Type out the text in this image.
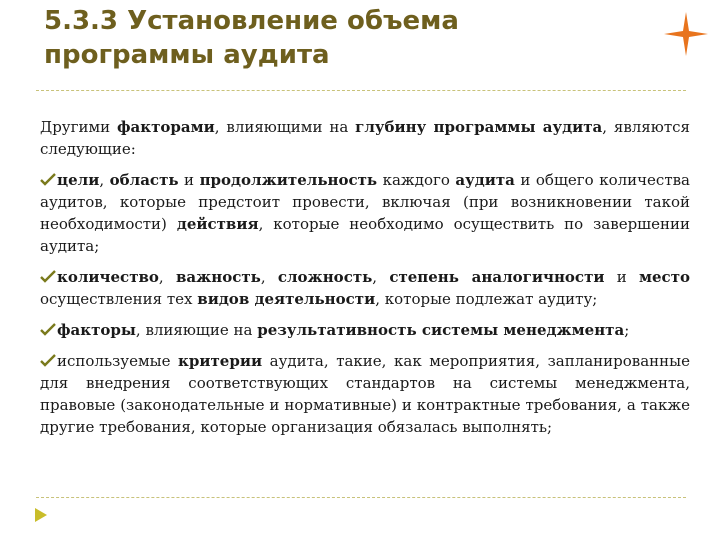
5.3.3 Установление объема
программы аудита

Другими факторами, влияющими на глубину программы аудита, являются следующие:

цели, область и продолжительность каждого аудита и общего количества аудитов, которые предстоит провести, включая (при возникновении такой необходимости) действия, которые необходимо осуществить по завершении аудита;

количество, важность, сложность, степень аналогичности и место осуществления тех видов деятельности, которые подлежат аудиту;

факторы, влияющие на результативность системы менеджмента;

используемые критерии аудита, такие, как мероприятия, запланированные для внедрения соответствующих стандартов на системы менеджмента, правовые (законодательные и нормативные) и контрактные требования, а также другие требования, которые организация обязалась выполнять;
